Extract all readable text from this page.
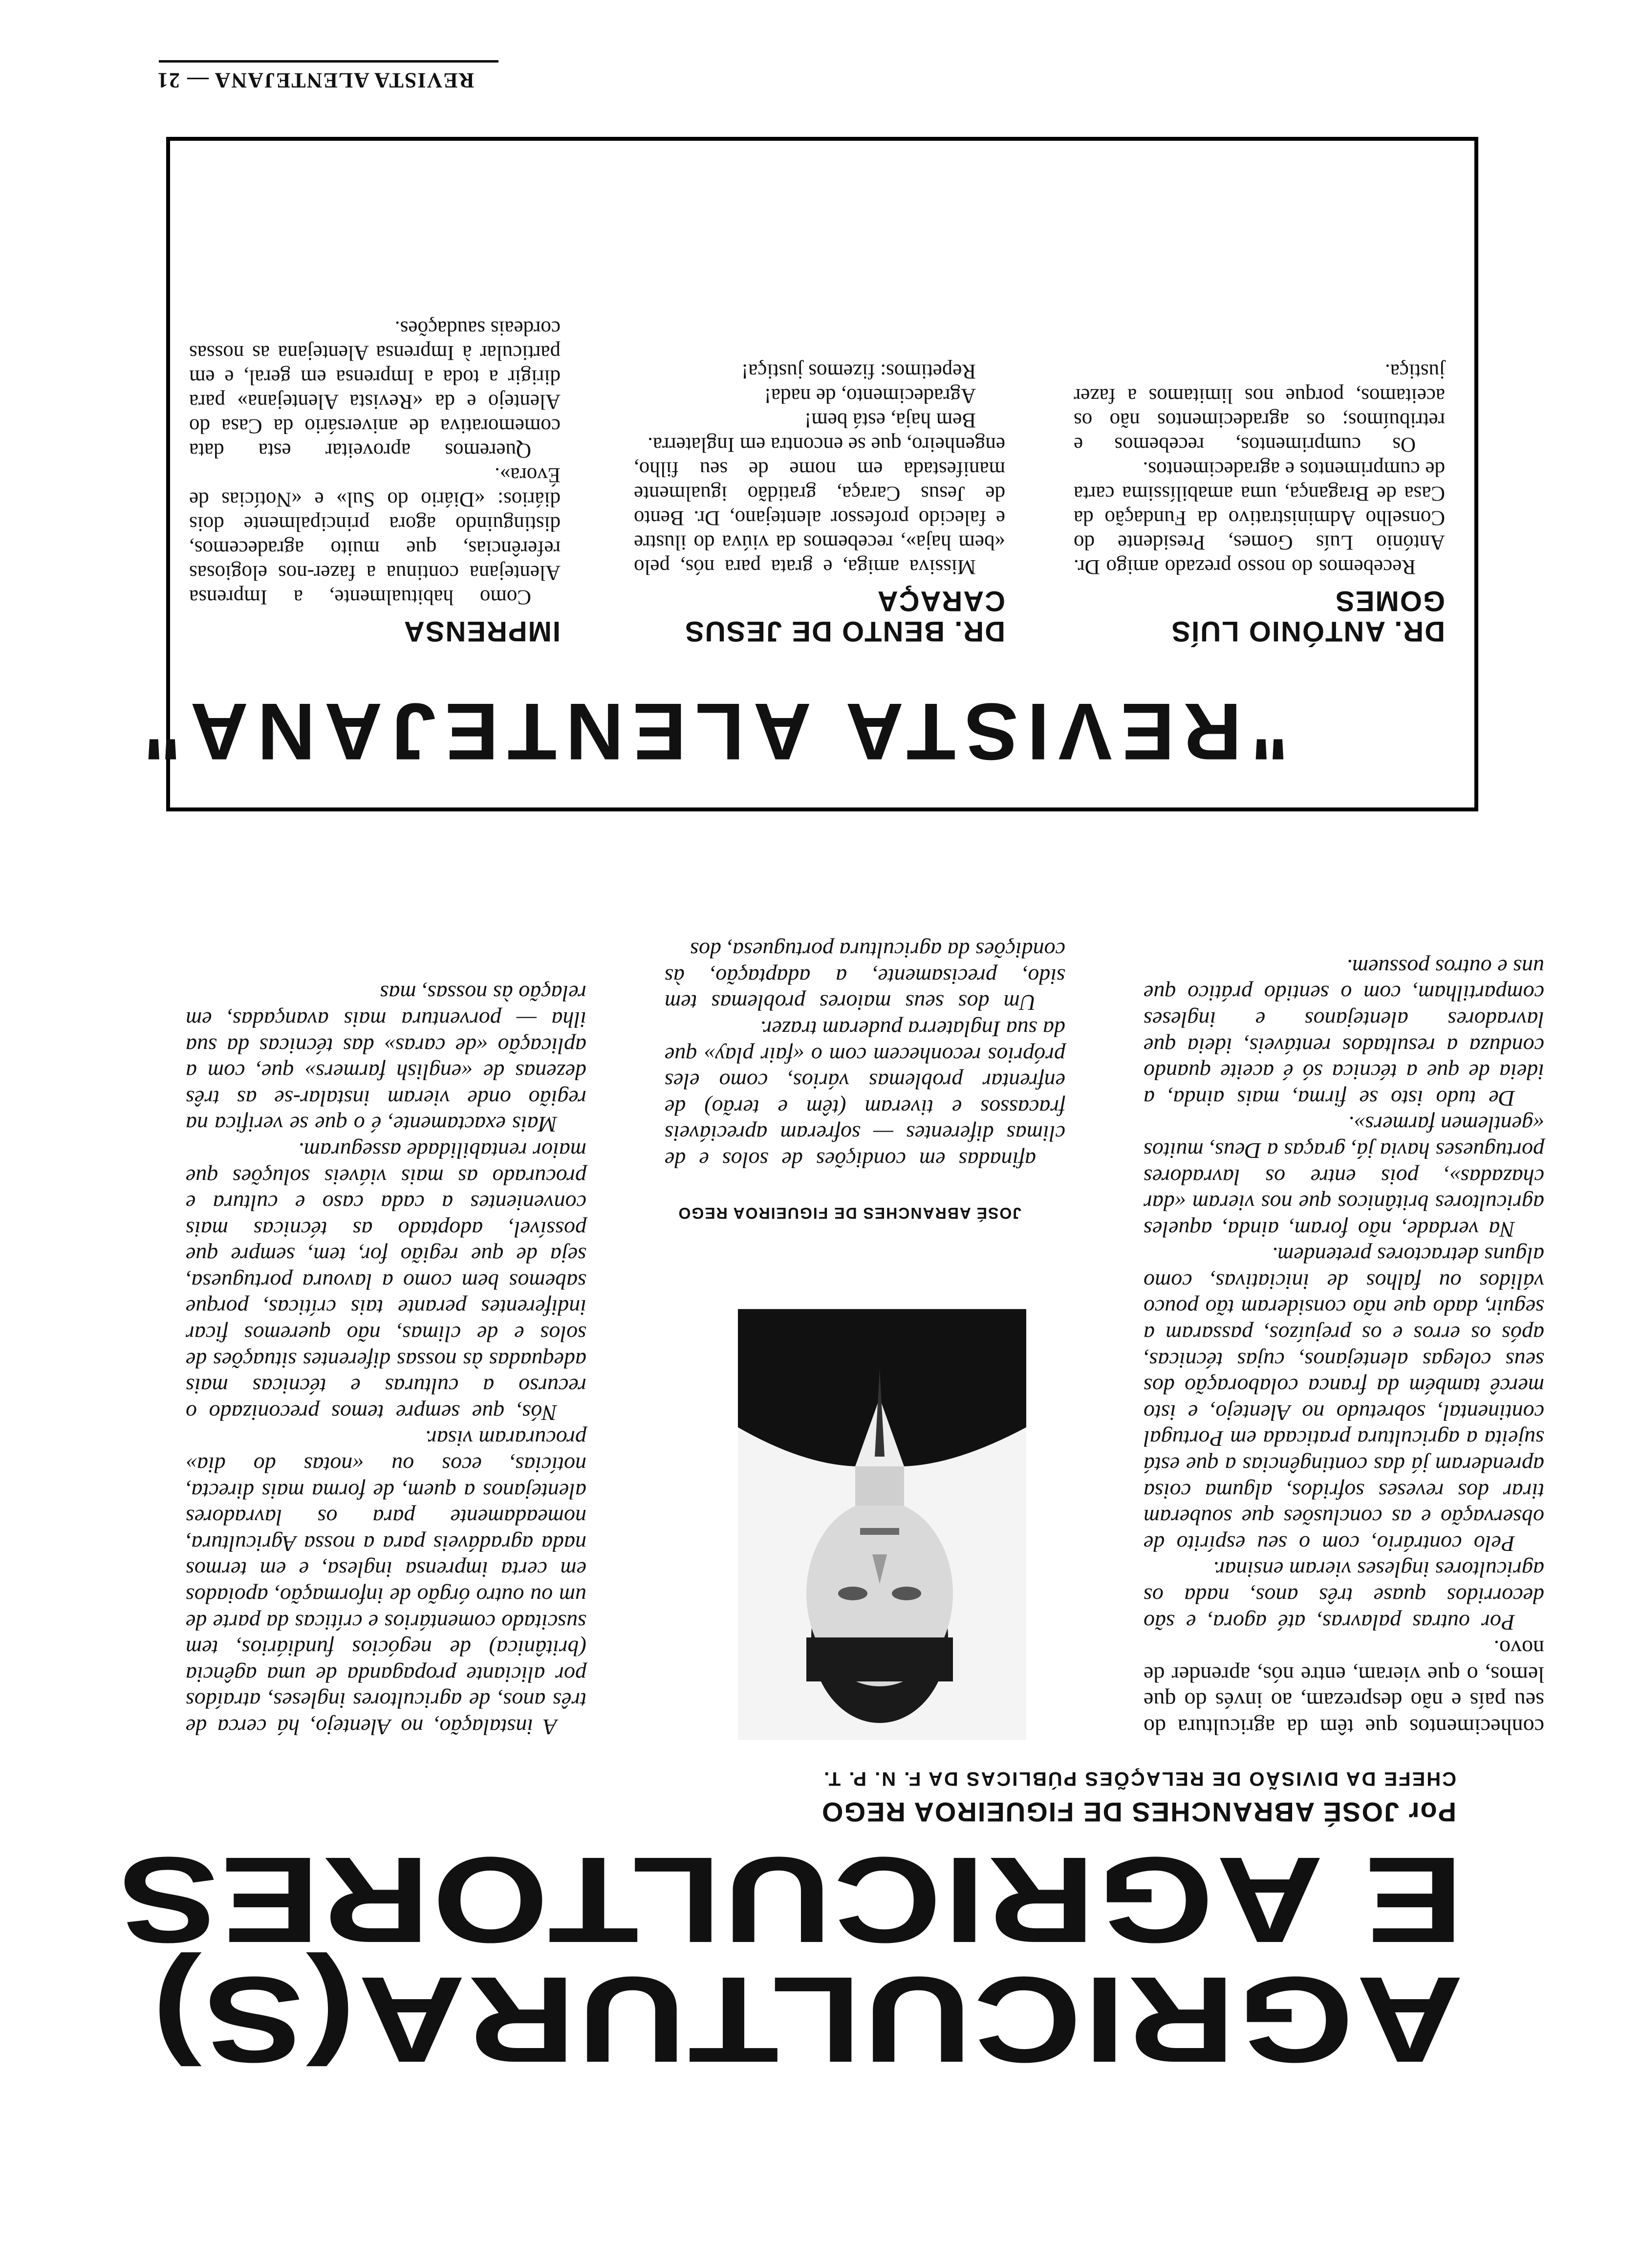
AGRICULTURA(S)
E AGRICULTORES
Por JOSÉ ABRANCHES DE FIGUEIROA REGO
CHEFE DA DIVISÃO DE RELAÇÕES PÚBLICAS DA F. N. P. T.

A instalação, no Alentejo, há cerca de três anos, de agricultores ingleses, atraídos por aliciante propaganda de uma agência (britânica) de negócios fundiários, tem suscitado comentários e críticas da parte de um ou outro órgão de informação, apoiados em certa imprensa inglesa, e em termos nada agradáveis para a nossa Agricultura, nomeadamente para os lavradores alentejanos a quem, de forma mais directa, notícias, ecos ou «notas do dia» procuraram visar.

Nós, que sempre temos preconizado o recurso a culturas e técnicas mais adequadas às nossas diferentes situações de solos e de climas, não queremos ficar indiferentes perante tais críticas, porque sabemos bem como a lavoura portuguesa, seja de que região for, tem, sempre que possível, adoptado as técnicas mais convenientes a cada caso e cultura e procurado as mais viáveis soluções que maior rentabilidade asseguram.

Mais exactamente, é o que se verifica na região onde vieram instalar-se as três dezenas de «english farmers» que, com a aplicação «de caras» das técnicas da sua ilha — porventura mais avançadas, em relação às nossas, mas

JOSÉ ABRANCHES DE FIGUEIROA REGO

afinadas em condições de solos e de climas diferentes — sofreram apreciáveis fracassos e tiveram (têm e terão) de enfrentar problemas vários, como eles próprios reconhecem com o «fair play» que da sua Inglaterra puderam trazer.

Um dos seus maiores problemas tem sido, precisamente, a adaptação, às condições da agricultura portuguesa, dos

conhecimentos que têm da agricultura do seu país e não desprezam, ao invés do que lemos, o que vieram, entre nós, aprender de novo.

Por outras palavras, até agora, e são decorridos quase três anos, nada os agricultores ingleses vieram ensinar.

Pelo contrário, com o seu espírito de observação e as conclusões que souberam tirar dos reveses sofridos, alguma coisa aprenderam já das contingências a que está sujeita a agricultura praticada em Portugal continental, sobretudo no Alentejo, e isto mercê também da franca colaboração dos seus colegas alentejanos, cujas técnicas, após os erros e os prejuízos, passaram a seguir, dado que não consideram tão pouco válidos ou falhos de iniciativas, como alguns detractores pretendem.

Na verdade, não foram, ainda, aqueles agricultores britânicos que nos vieram «dar chazadas», pois entre os lavradores portugueses havia já, graças a Deus, muitos «gentlemen farmers».

De tudo isto se firma, mais ainda, a ideia de que a técnica só é aceite quando conduza a resultados rentáveis, ideia que lavradores alentejanos e ingleses compartilham, com o sentido prático que uns e outros possuem.

"REVISTA ALENTEJANA"
DR. ANTÓNIO LUÍS GOMES

Recebemos do nosso prezado amigo Dr. António Luís Gomes, Presidente do Conselho Administrativo da Fundação da Casa de Bragança, uma amabilíssima carta de cumprimentos e agradecimentos.

Os cumprimentos, recebemos e retribuímos; os agradecimentos não os aceitamos, porque nos limitamos a fazer justiça.

DR. BENTO DE JESUS CARAÇA

Missiva amiga, e grata para nós, pelo «bem haja», recebemos da viúva do ilustre e falecido professor alentejano, Dr. Bento de Jesus Caraça, gratidão igualmente manifestada em nome de seu filho, engenheiro, que se encontra em Inglaterra.

Bem haja, está bem!

Agradecimento, de nada!

Repetimos: fizemos justiça!

IMPRENSA

Como habitualmente, a Imprensa Alentejana continua a fazer-nos elogiosas referências, que muito agradecemos, distinguindo agora principalmente dois diários: «Diário do Sul» e «Notícias de Évora».

Queremos aproveitar esta data comemorativa de aniversário da Casa do Alentejo e da «Revista Alentejana» para dirigir a toda a Imprensa em geral, e em particular à Imprensa Alentejana as nossas cordeais saudações.

REVISTA ALENTEJANA — 21
